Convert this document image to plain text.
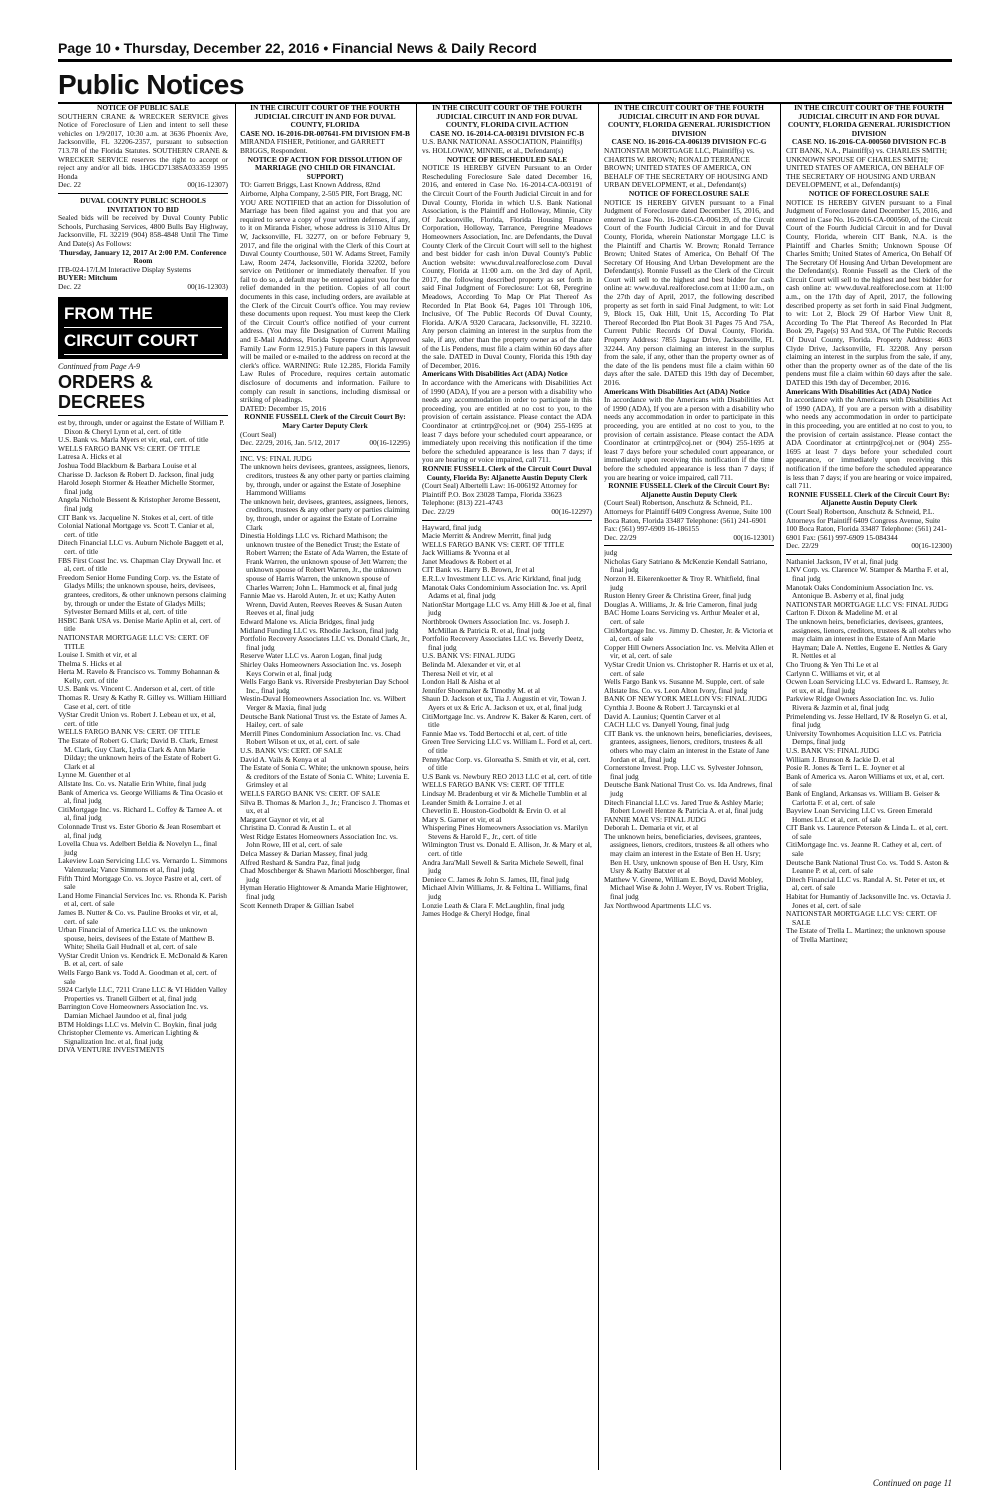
Page 10 • Thursday, December 22, 2016 • Financial News & Daily Record
Public Notices

NOTICE OF PUBLIC SALE

SOUTHERN CRANE & WRECKER SERVICE gives Notice of Foreclosure of Lien and intent to sell these vehicles on 1/9/2017, 10:30 a.m. at 3636 Phoenix Ave, Jacksonville, FL 32206-2357, pursuant to subsection 713.78 of the Florida Statutes. SOUTHERN CRANE & WRECKER SERVICE reserves the right to accept or reject any and/or all bids. 1HGCD7138SA033359 1995 Honda

Dec. 22	00(16-12307)

DUVAL COUNTY PUBLIC SCHOOLS INVITATION TO BID

Sealed bids will be received by Duval County Public Schools, Purchasing Services, 4800 Bulls Bay Highway, Jacksonville, FL 32219 (904) 858-4848 Until The Time And Date(s) As Follows:

Thursday, January 12, 2017 At 2:00 P.M. Conference Room

ITB-024-17/LM Interactive Display Systems

BUYER: Mitchum

Dec. 22	00(16-12303)
FROM THE
CIRCUIT COURT

Continued from Page A-9

ORDERS & DECREES

est by, through, under or against the Estate of William P. Dixon & Cheryl Lynn et al, cert. of title

U.S. Bank vs. Marla Myers et vir, etal, cert. of title

WELLS FARGO BANK VS: CERT. OF TITLE

Latresa A. Hicks et al

Joshua Todd Blackburn & Barbara Louise et al

Charisse D. Jackson & Robert D. Jackson, final judg

Harold Joseph Stormer & Heather Michelle Stormer, final judg

Angela Nichole Bessent & Kristopher Jerome Bessent, final judg

CIT Bank vs. Jacqueline N. Stokes et al, cert. of title

Colonial National Mortgage vs. Scott T. Caniar et al, cert. of title

Ditech Financial LLC vs. Auburn Nichole Baggett et al, cert. of title

FBS First Coast Inc. vs. Chapman Clay Drywall Inc. et al, cert. of title

Freedom Senior Home Funding Corp. vs. the Estate of Gladys Mills; the unknown spouse, heirs, devisees, grantees, creditors, & other unknown persons claiming by, through or under the Estate of Gladys Mills; Sylvester Bernard Mills et al, cert. of title

HSBC Bank USA vs. Denise Marie Aplin et al, cert. of title

NATIONSTAR MORTGAGE LLC VS: CERT. OF TITLE

Louise I. Smith et vir, et al

Thelma S. Hicks et al

Herta M. Ravelo & Francisco vs. Tommy Bohannan & Kelly, cert. of title

U.S. Bank vs. Vincent C. Anderson et al, cert. of title

Thomas R. Ursry & Kathy R. Gilley vs. William Hilliard Case et al, cert. of title

VyStar Credit Union vs. Robert J. Lebeau et ux, et al, cert. of title

WELLS FARGO BANK VS: CERT. OF TITLE

The Estate of Robert G. Clark; David B. Clark, Ernest M. Clark, Guy Clark, Lydia Clark & Ann Marie Dilday; the unknown heirs of the Estate of Robert G. Clark et al

Lynne M. Guenther et al

Allstate Ins. Co. vs. Natalie Erin White, final judg

Bank of America vs. George Williams & Tina Ocasio et al, final judg

CitiMortgage Inc. vs. Richard L. Coffey & Tarnee A. et al, final judg

Colonnade Trust vs. Ester Gborio & Jean Rosembart et al, final judg

Lovella Chua vs. Adelbert Beldia & Novelyn L., final judg

Lakeview Loan Servicing LLC vs. Vernardo L. Simmons Valenzuela; Vance Simmons et al, final judg

Fifth Third Mortgage Co. vs. Joyce Pastre et al, cert. of sale

Land Home Financial Services Inc. vs. Rhonda K. Parish et al, cert. of sale

James B. Nutter & Co. vs. Pauline Brooks et vir, et al, cert. of sale

Urban Financial of America LLC vs. the unknown spouse, heirs, devisees of the Estate of Matthew B. White; Sheila Gail Hudnall et al, cert. of sale

VyStar Credit Union vs. Kendrick E. McDonald & Karen B. et al, cert. of sale

Wells Fargo Bank vs. Todd A. Goodman et al, cert. of sale

5924 Carlyle LLC, 7211 Crane LLC & VI Hidden Valley Properties vs. Tranell Gilbert et al, final judg

Barrington Cove Homeowners Association Inc. vs. Damian Michael Jaundoo et al, final judg

BTM Holdings LLC vs. Melvin C. Boykin, final judg

Christopher Clemente vs. American Lighting & Signalization Inc. et al, final judg

DIVA VENTURE INVESTMENTS

IN THE CIRCUIT COURT OF THE FOURTH JUDICIAL CIRCUIT IN AND FOR DUVAL COUNTY, FLORIDA

CASE NO. 16-2016-DR-007641-FM DIVISION FM-B

MIRANDA FISHER, Petitioner, and GARRETT BRIGGS, Respondent.

NOTICE OF ACTION FOR DISSOLUTION OF MARRIAGE (NO CHILD OR FINANCIAL SUPPORT)

TO: Garrett Briggs, Last Known Address, 82nd Airborne, Alpha Company, 2-505 PIR, Fort Bragg, NC

YOU ARE NOTIFIED that an action for Dissolution of Marriage has been filed against you and that you are required to serve a copy of your written defenses, if any, to it on Miranda Fisher, whose address is 3110 Altus Dr W, Jacksonville, FL 32277, on or before February 9, 2017, and file the original with the Clerk of this Court at Duval County Courthouse, 501 W. Adams Street, Family Law, Room 2474, Jacksonville, Florida 32202, before service on Petitioner or immediately thereafter. If you fail to do so, a default may be entered against you for the relief demanded in the petition. Copies of all court documents in this case, including orders, are available at the Clerk of the Circuit Court's office. You may review these documents upon request. You must keep the Clerk of the Circuit Court's office notified of your current address. (You may file Designation of Current Mailing and E-Mail Address, Florida Supreme Court Approved Family Law Form 12.915.) Future papers in this lawsuit will be mailed or e-mailed to the address on record at the clerk's office. WARNING: Rule 12.285, Florida Family Law Rules of Procedure, requires certain automatic disclosure of documents and information. Failure to comply can result in sanctions, including dismissal or striking of pleadings.

DATED: December 15, 2016

RONNIE FUSSELL Clerk of the Circuit Court By: Mary Carter Deputy Clerk

(Court Seal)

Dec. 22/29, 2016, Jan. 5/12, 2017	00(16-12295)

INC. VS: FINAL JUDG

The unknown heirs devisees, grantees, assignees, lienors, creditors, trustees & any other party or parties claiming by, through, under or against the Estate of Josephine Hammond Williams

The unknown heir, devisees, grantees, assignees, lienors, creditors, trustees & any other party or parties claiming by, through, under or against the Estate of Lorraine Clark

Dinestia Holdings LLC vs. Richard Mathison; the unknown trustee of the Benedict Trust; the Estate of Robert Warren; the Estate of Ada Warren, the Estate of Frank Warren, the unknown spouse of Jett Warren; the unknown spouse of Robert Warren, Jr., the unknown spouse of Harris Warren, the unknown spouse of Charles Warren; John L. Hammock et al, final judg

Fannie Mae vs. Harold Auten, Jr. et ux; Kathy Auten Wrenn, David Auten, Reeves Reeves & Susan Auten Reeves et al, final judg

Edward Malone vs. Alicia Bridges, final judg

Midland Funding LLC vs. Rhodie Jackson, final judg

Portfolio Recovery Associates LLC vs. Donald Clark, Jr., final judg

Reserve Water LLC vs. Aaron Logan, final judg

Shirley Oaks Homeowners Association Inc. vs. Joseph Keys Corwin et al, final judg

Wells Fargo Bank vs. Riverside Presbyterian Day School Inc., final judg

Westin-Duval Homeowners Association Inc. vs. Wilbert Verger & Maxia, final judg

Deutsche Bank National Trust vs. the Estate of James A. Hailey, cert. of sale

Merrill Pines Condominium Association Inc. vs. Chad Robert Wilson et ux, et al, cert. of sale

U.S. BANK VS: CERT. OF SALE

David A. Vails & Kenya et al

The Estate of Sonia C. White; the unknown spouse, heirs & creditors of the Estate of Sonia C. White; Luvenia E. Grimsley et al

WELLS FARGO BANK VS: CERT. OF SALE

Silva B. Thomas & Marlon J., Jr.; Francisco J. Thomas et ux, et al

Margaret Gaynor et vir, et al

Christina D. Conrad & Austin L. et al

West Ridge Estates Homeowners Association Inc. vs. John Rowe, III et al, cert. of sale

Delca Massey & Darian Massey, final judg

Alfred Reshard & Sandra Paz, final judg

Chad Moschberger & Shawn Mariotti Moschberger, final judg

Hyman Heratio Hightower & Amanda Marie Hightower, final judg

Scott Kenneth Draper & Gillian Isabel

IN THE CIRCUIT COURT OF THE FOURTH JUDICIAL CIRCUIT IN AND FOR DUVAL COUNTY, FLORIDA CIVIL ACTION

CASE NO. 16-2014-CA-003191 DIVISION FC-B

U.S. BANK NATIONAL ASSOCIATION, Plaintiff(s) vs. HOLLOWAY, MINNIE, et al., Defendant(s)

NOTICE OF RESCHEDULED SALE

NOTICE IS HEREBY GIVEN Pursuant to an Order Rescheduling Foreclosure Sale dated December 16, 2016, and entered in Case No. 16-2014-CA-003191 of the Circuit Court of the Fourth Judicial Circuit in and for Duval County, Florida in which U.S. Bank National Association, is the Plaintiff and Holloway, Minnie, City Of Jacksonville, Florida, Florida Housing Finance Corporation, Holloway, Tarrance, Peregrine Meadows Homeowners Association, Inc. are Defendants, the Duval County Clerk of the Circuit Court will sell to the highest and best bidder for cash in/on Duval County's Public Auction website: www.duval.realforeclose.com Duval County, Florida at 11:00 a.m. on the 3rd day of April, 2017, the following described property as set forth in said Final Judgment of Foreclosure: Lot 68, Peregrine Meadows, According To Map Or Plat Thereof As Recorded In Plat Book 64, Pages 101 Through 106, Inclusive, Of The Public Records Of Duval County, Florida. A/K/A 9320 Caracara, Jacksonville, FL 32210. Any person claiming an interest in the surplus from the sale, if any, other than the property owner as of the date of the Lis Pendens, must file a claim within 60 days after the sale. DATED in Duval County, Florida this 19th day of December, 2016.

Americans With Disabilities Act (ADA) Notice

In accordance with the Americans with Disabilities Act of 1990 (ADA), If you are a person with a disability who needs any accommodation in order to participate in this proceeding, you are entitled at no cost to you, to the provision of certain assistance. Please contact the ADA Coordinator at crtintrp@coj.net or (904) 255-1695 at least 7 days before your scheduled court appearance, or immediately upon receiving this notification if the time before the scheduled appearance is less than 7 days; if you are hearing or voice impaired, call 711.

RONNIE FUSSELL Clerk of the Circuit Court Duval County, Florida By: Aljanette Austin Deputy Clerk

(Court Seal) Albertelli Law: 16-006192 Attorney for Plaintiff P.O. Box 23028 Tampa, Florida 33623 Telephone: (813) 221-4743

Dec. 22/29	00(16-12297)

Hayward, final judg

Macie Merritt & Andrew Merritt, final judg

WELLS FARGO BANK VS: CERT. OF TITLE

Jack Williams & Yvonna et al

Janet Meadows & Robert et al

CIT Bank vs. Harry B. Brown, Jr et al

E.R.L.v Investment LLC vs. Aric Kirkland, final judg

Manotak Oaks Condominium Association Inc. vs. April Adams et al, final judg

NationStar Mortgage LLC vs. Amy Hill & Joe et al, final judg

Northbrook Owners Association Inc. vs. Joseph J. McMillan & Patricia R. et al, final judg

Portfolio Recovery Associates LLC vs. Beverly Deetz, final judg

U.S. BANK VS: FINAL JUDG

Belinda M. Alexander et vir, et al

Theresa Neil et vir, et al

London Hall & Aisha et al

Jennifer Shoemaker & Timothy M. et al

Shaun D. Jackson et ux, Tia J. Augustin et vir, Towan J. Ayers et ux & Eric A. Jackson et ux, et al, final judg

CitiMortgage Inc. vs. Andrew K. Baker & Karen, cert. of title

Fannie Mae vs. Todd Bertocchi et al, cert. of title

Green Tree Servicing LLC vs. William L. Ford et al, cert. of title

PennyMac Corp. vs. Gloreatha S. Smith et vir, et al, cert. of title

U.S Bank vs. Newbury REO 2013 LLC et al, cert. of title

WELLS FARGO BANK VS: CERT. OF TITLE

Lindsay M. Bradenburg et vir & Michelle Tumblin et al

Leander Smith & Lorraine J. et al

Cheverlin E. Houston-Godboldt & Ervin O. et al

Mary S. Garner et vir, et al

Whispering Pines Homeowners Association vs. Marilyn Stevens & Harold F., Jr., cert. of title

Wilmington Trust vs. Donald E. Allison, Jr. & Mary et al, cert. of title

Andra Jara'Mall Sewell & Sarita Michele Sewell, final judg

Deniece C. James & John S. James, III, final judg

Michael Alvin Williams, Jr. & Feltina L. Williams, final judg

Lonzie Leath & Clara F. McLaughlin, final judg

James Hodge & Cheryl Hodge, final

IN THE CIRCUIT COURT OF THE FOURTH JUDICIAL CIRCUIT IN AND FOR DUVAL COUNTY, FLORIDA GENERAL JURISDICTION DIVISION

CASE NO. 16-2016-CA-006139 DIVISION FC-G

NATIONSTAR MORTGAGE LLC, Plaintiff(s) vs. CHARTIS W. BROWN; RONALD TERRANCE BROWN; UNITED STATES OF AMERICA, ON BEHALF OF THE SECRETARY OF HOUSING AND URBAN DEVELOPMENT, et al., Defendant(s)

NOTICE OF FORECLOSURE SALE

NOTICE IS HEREBY GIVEN pursuant to a Final Judgment of Foreclosure dated December 15, 2016, and entered in Case No. 16-2016-CA-006139, of the Circuit Court of the Fourth Judicial Circuit in and for Duval County, Florida, wherein Nationstar Mortgage LLC is the Plaintiff and Chartis W. Brown; Ronald Terrance Brown; United States of America, On Behalf Of The Secretary Of Housing And Urban Development are the Defendant(s). Ronnie Fussell as the Clerk of the Circuit Court will sell to the highest and best bidder for cash online at: www.duval.realforeclose.com at 11:00 a.m., on the 27th day of April, 2017, the following described property as set forth in said Final Judgment, to wit: Lot 9, Block 15, Oak Hill, Unit 15, According To Plat Thereof Recorded Ibn Plat Book 31 Pages 75 And 75A, Current Public Records Of Duval County, Florida. Property Address: 7855 Jaguar Drive, Jacksonville, FL 32244. Any person claiming an interest in the surplus from the sale, if any, other than the property owner as of the date of the lis pendens must file a claim within 60 days after the sale. DATED this 19th day of December, 2016.

Americans With Disabilities Act (ADA) Notice

In accordance with the Americans with Disabilities Act of 1990 (ADA), If you are a person with a disability who needs any accommodation in order to participate in this proceeding, you are entitled at no cost to you, to the provision of certain assistance. Please contact the ADA Coordinator at crtintrp@coj.net or (904) 255-1695 at least 7 days before your scheduled court appearance, or immediately upon receiving this notification if the time before the scheduled appearance is less than 7 days; if you are hearing or voice impaired, call 711.

RONNIE FUSSELL Clerk of the Circuit Court By: Aljanette Austin Deputy Clerk

(Court Seal) Robertson, Anschutz & Schneid, P.L. Attorneys for Plaintiff 6409 Congress Avenue, Suite 100 Boca Raton, Florida 33487 Telephone: (561) 241-6901 Fax: (561) 997-6909 16-186155

Dec. 22/29	00(16-12301)

judg

Nicholas Gary Satriano & McKenzie Kendall Satriano, final judg

Norzon H. Eikerenkoetter & Troy R. Whitfield, final judg

Ruston Henry Greer & Christina Greer, final judg

Douglas A. Williams, Jr. & Irie Cameron, final judg

BAC Home Loans Servicing vs. Arthur Mealer et al, cert. of sale

CitiMortgage Inc. vs. Jimmy D. Chester, Jr. & Victoria et al, cert. of sale

Copper Hill Owners Association Inc. vs. Melvita Allen et vir, et al, cert. of sale

VyStar Credit Union vs. Christopher R. Harris et ux et al, cert. of sale

Wells Fargo Bank vs. Susanne M. Supple, cert. of sale

Allstate Ins. Co. vs. Leon Alton Ivory, final judg

BANK OF NEW YORK MELLON VS: FINAL JUDG

Cynthia J. Boone & Robert J. Tarcaynski et al

David A. Launius; Quentin Carver et al

CACH LLC vs. Danyell Young, final judg

CIT Bank vs. the unknown heirs, beneficiaries, devisees, grantees, assignees, lienors, creditors, trustees & all others who may claim an interest in the Estate of Jane Jordan et al, final judg

Cornerstone Invest. Prop. LLC vs. Sylvester Johnson, final judg

Deutsche Bank National Trust Co. vs. Ida Andrews, final judg

Ditech Financial LLC vs. Jared True & Ashley Marie; Robert Lowell Hentze & Patricia A. et al, final judg

FANNIE MAE VS: FINAL JUDG

Deborah L. Demaria et vir, et al

The unknown heirs, beneficiaries, devisees, grantees, assignees, lienors, creditors, trustees & all others who may claim an interest in the Estate of Ben H. Usry; Ben H. Usry, unknown spouse of Ben H. Usry, Kim Usry & Kathy Batxter et al

Matthew V. Greene, William E. Boyd, David Mobley, Michael Wise & John J. Weyer, IV vs. Robert Triglia, final judg

Jax Northwood Apartments LLC vs.

IN THE CIRCUIT COURT OF THE FOURTH JUDICIAL CIRCUIT IN AND FOR DUVAL COUNTY, FLORIDA GENERAL JURISDICTION DIVISION

CASE NO. 16-2016-CA-000560 DIVISION FC-B

CIT BANK, N.A., Plaintiff(s) vs. CHARLES SMITH; UNKNOWN SPOUSE OF CHARLES SMITH; UNITED STATES OF AMERICA, ON BEHALF OF THE SECRETARY OF HOUSING AND URBAN DEVELOPMENT, et al., Defendant(s)

NOTICE OF FORECLOSURE SALE

NOTICE IS HEREBY GIVEN pursuant to a Final Judgment of Foreclosure dated December 15, 2016, and entered in Case No. 16-2016-CA-000560, of the Circuit Court of the Fourth Judicial Circuit in and for Duval County, Florida, wherein CIT Bank, N.A. is the Plaintiff and Charles Smith; Unknown Spouse Of Charles Smith; United States of America, On Behalf Of The Secretary Of Housing And Urban Development are the Defendant(s). Ronnie Fussell as the Clerk of the Circuit Court will sell to the highest and best bidder for cash online at: www.duval.realforeclose.com at 11:00 a.m., on the 17th day of April, 2017, the following described property as set forth in said Final Judgment, to wit: Lot 2, Block 29 Of Harbor View Unit 8, According To The Plat Thereof As Recorded In Plat Book 29, Page(s) 93 And 93A, Of The Public Records Of Duval County, Florida. Property Address: 4603 Clyde Drive, Jacksonville, FL 32208. Any person claiming an interest in the surplus from the sale, if any, other than the property owner as of the date of the lis pendens must file a claim within 60 days after the sale. DATED this 19th day of December, 2016.

Americans With Disabilities Act (ADA) Notice

In accordance with the Americans with Disabilities Act of 1990 (ADA), If you are a person with a disability who needs any accommodation in order to participate in this proceeding, you are entitled at no cost to you, to the provision of certain assistance. Please contact the ADA Coordinator at crtintrp@coj.net or (904) 255-1695 at least 7 days before your scheduled court appearance, or immediately upon receiving this notification if the time before the scheduled appearance is less than 7 days; if you are hearing or voice impaired, call 711.

RONNIE FUSSELL Clerk of the Circuit Court By: Aljanette Austin Deputy Clerk

(Court Seal) Robertson, Anschutz & Schneid, P.L. Attorneys for Plaintiff 6409 Congress Avenue, Suite 100 Boca Raton, Florida 33487 Telephone: (561) 241-6901 Fax: (561) 997-6909 15-084344

Dec. 22/29	00(16-12300)

Nathaniel Jackson, IV et al, final judg

LNV Corp. vs. Clarence W. Stamper & Martha F. et al, final judg

Manotak Oaks Condominium Association Inc. vs. Antonique B. Asberry et al, final judg

NATIONSTAR MORTGAGE LLC VS: FINAL JUDG

Carlton F. Dixon & Madeline M. et al

The unknown heirs, beneficiaries, devisees, grantees, assignees, lienors, creditors, trustees & all otehrs who may claim an interest in the Estate of Ann Marie Hayman; Dale A. Nettles, Eugene E. Nettles & Gary R. Nettles et al

Cho Truong & Yen Thi Le et al

Carlynn C. Williams et vir, et al

Ocwen Loan Servicing LLC vs. Edward L. Ramsey, Jr. et ux, et al, final judg

Parkview Ridge Owners Association Inc. vs. Julio Rivera & Jazmin et al, final judg

Primelending vs. Jesse Hellard, IV & Roselyn G. et al, final judg

University Townhomes Acquisition LLC vs. Patricia Demps, final judg

U.S. BANK VS: FINAL JUDG

William J. Brunson & Jackie D. et al

Posie R. Jones & Terri L. E. Joyner et al

Bank of America vs. Aaron Williams et ux, et al, cert. of sale

Bank of England, Arkansas vs. William B. Geiser & Carlotta F. et al, cert. of sale

Bayview Loan Servicing LLC vs. Green Emerald Homes LLC et al, cert. of sale

CIT Bank vs. Laurence Peterson & Linda L. et al, cert. of sale

CitiMortgage Inc. vs. Jeanne R. Cathey et al, cert. of sale

Deutsche Bank National Trust Co. vs. Todd S. Aston & Leanne P. et al, cert. of sale

Ditech Financial LLC vs. Randal A. St. Peter et ux, et al, cert. of sale

Habitat for Humantiy of Jacksonville Inc. vs. Octavia J. Jones et al, cert. of sale

NATIONSTAR MORTGAGE LLC VS: CERT. OF SALE

The Estate of Trella L. Martinez; the unknown spouse of Trella Martinez;

Continued on page 11
